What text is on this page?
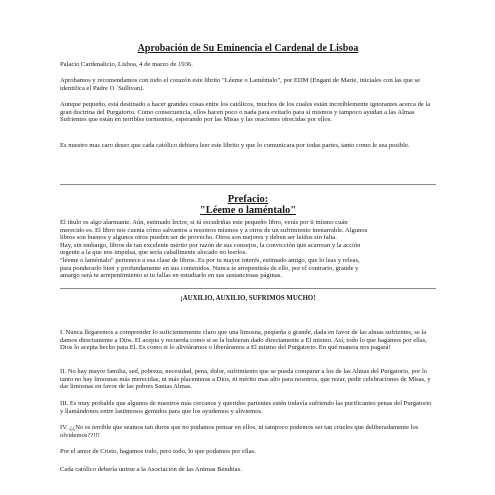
Aprobación de Su Eminencia el Cardenal de Lisboa

Palacio Cardenalicio, Lisboa, 4 de marzo de 1936.

Aprobamos y recomendamos con todo el corazón este librito "Léeme o Laméntalo", por EDM (Engant de Marie, iniciales con las que se identifica el Padre O `Sullivan).

Aunque pequeño, está destinado a hacer grandes cosas entre los católicos, muchos de los cuales están increíblemente ignorantes acerca de la gran doctrina del Purgatorio. Como consecuencia, ellos hacen poco o nada para evitarlo para sí mismos y tampoco ayudan a las Almas Sufrientes que están en terribles tormentos, esperando por las Misas y las oraciones ofrecidas por ellos.

Es nuestro mas caro deseo que cada católico debiera leer este librito y que lo comunicara por todas partes, tanto como le sea posible.

Prefacio:
"Léeme o laméntalo"
El título es algo alarmante. Aún, estimado lector, si tú escudriñas este pequeño libro, verás por ti mismo cuán
merecido es. El libro nos cuenta cómo salvarnos a nosotros mismos y a otros de un sufrimiento inenarrable. Algunos
libros son buenos y algunos otros pueden ser de provecho. Otros son mejores y deben ser leídos sin falta.
Hay, sin embargo, libros de tan excelente mérito por razón de sus consejos, la convicción que acarrean y la acción
urgente a la que nos impulsa, que sería caballmente alocado no leerlos.
"léeme o laméntalo" pertenece a esa clase de libros. Es por tu mayor interés, estimado amigo, que lo leas y releas,
para ponderarlo bien y profundamente en sus contenidos. Nunca te arrepentirás de ello, por el contrario, grande y
amargo será tu arrepentimiento si tu fallas en estudiarlo en sus sustanciosas páginas.
¡AUXILIO, AUXILIO, SUFRIMOS MUCHO!

I. Nunca llegaremos a comprender lo suficientemente claro que una limosna, pequeña o grande, dada en favor de las almas sufrientes, se la damos directamente a Dios. El acepta y recuerda como si se la hubieran dado directamente a El mismo. Así, todo lo que hagamos por ellas, Dios lo acepta hecho para El. Es como si lo aliviáramos o liberáramos a El mismo del Purgatorio. En qué manera nos pagará!

II. No hay mayor familia, sed, pobreza, necesidad, pena, dolor, sufrimiento que se pueda comparar a los de las Almas del Purgatorio, por lo tanto no hay limosnas más merecidas, ni más placenteras a Dios, ni mérito mas alto para nosotros, que rezar, pedir celebraciones de Misas, y dar limosnas en favor de las pobres Santas Almas.

III. Es muy probable que algunos de nuestros más cercanos y queridos parientes estén todavía sufriendo las purificantes penas del Purgatorio y llamándonos entre lastimosos gemidos para que los ayudemos y aliviemos.

IV. ¿¿No es terrible que seamos tan duros que no podamos pensar en ellos, ni tampoco podemos ser tan crueles que deliberadamente los olvidemos??!!!

Por el amor de Cristo, hagamos todo, pero todo, lo que podamos por ellas.

Cada católico debería unirse a la Asociación de las Animas Benditas.
